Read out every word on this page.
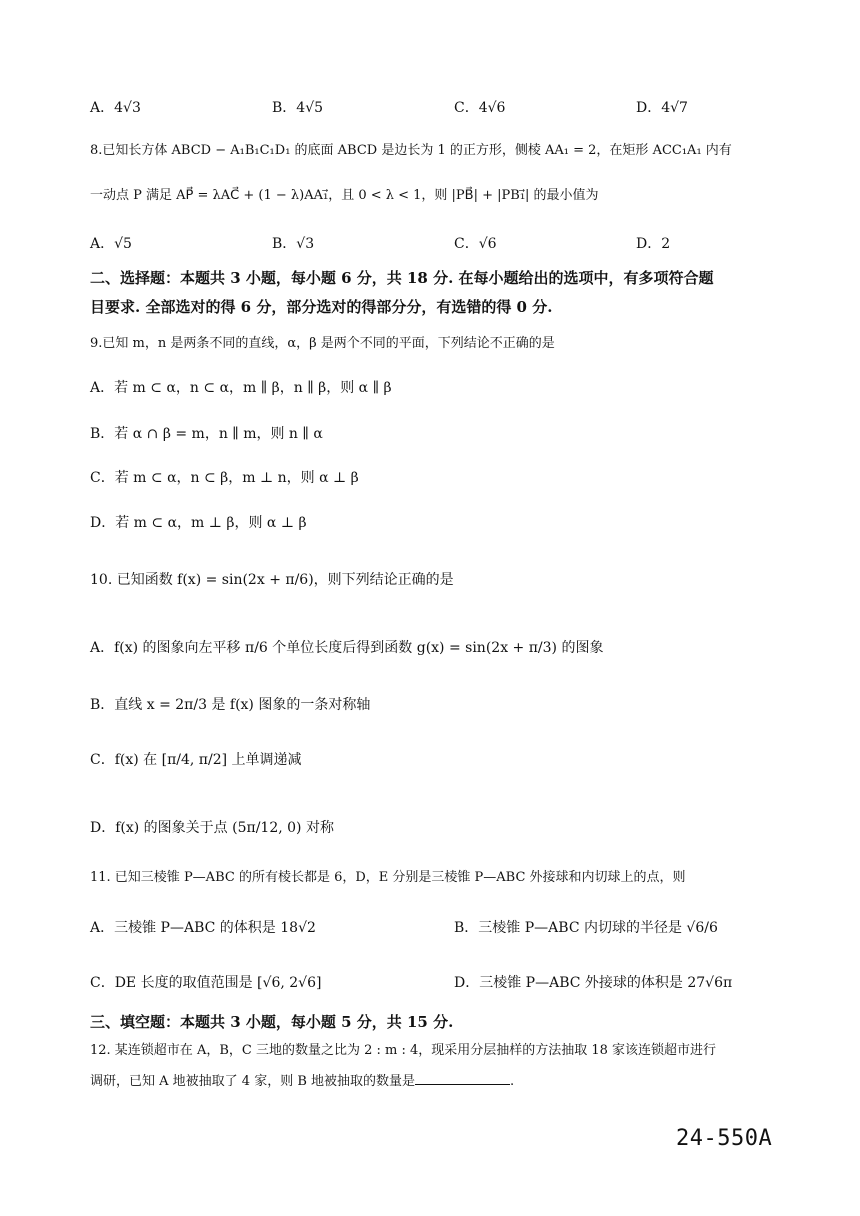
A．4√3	B．4√5	C．4√6	D．4√7
8.已知长方体 ABCD − A₁B₁C₁D₁ 的底面 ABCD 是边长为 1 的正方形，侧棱 AA₁ = 2，在矩形 ACC₁A₁ 内有
一动点 P 满足 AP⃗ = λAC⃗ + (1 − λ)AA₁⃗，且 0 < λ < 1，则 |PB⃗| + |PB₁⃗| 的最小值为
A．√5	B．√3	C．√6	D．2
二、选择题：本题共 3 小题，每小题 6 分，共 18 分. 在每小题给出的选项中，有多项符合题
目要求. 全部选对的得 6 分，部分选对的得部分分，有选错的得 0 分.
9.已知 m，n 是两条不同的直线，α，β 是两个不同的平面，下列结论不正确的是
A．若 m ⊂ α，n ⊂ α，m ∥ β，n ∥ β，则 α ∥ β
B．若 α ∩ β = m，n ∥ m，则 n ∥ α
C．若 m ⊂ α，n ⊂ β，m ⊥ n，则 α ⊥ β
D．若 m ⊂ α，m ⊥ β，则 α ⊥ β
10. 已知函数 f(x) = sin(2x + π/6)，则下列结论正确的是
A．f(x) 的图象向左平移 π/6 个单位长度后得到函数 g(x) = sin(2x + π/3) 的图象
B．直线 x = 2π/3 是 f(x) 图象的一条对称轴
C．f(x) 在 [π/4, π/2] 上单调递减
D．f(x) 的图象关于点 (5π/12, 0) 对称
11. 已知三棱锥 P—ABC 的所有棱长都是 6，D，E 分别是三棱锥 P—ABC 外接球和内切球上的点，则
A．三棱锥 P—ABC 的体积是 18√2	B．三棱锥 P—ABC 内切球的半径是 √6/6
C．DE 长度的取值范围是 [√6, 2√6]	D．三棱锥 P—ABC 外接球的体积是 27√6π
三、填空题：本题共 3 小题，每小题 5 分，共 15 分.
12. 某连锁超市在 A，B，C 三地的数量之比为 2 : m : 4，现采用分层抽样的方法抽取 18 家该连锁超市进行
调研，已知 A 地被抽取了 4 家，则 B 地被抽取的数量是	.
24-550A
